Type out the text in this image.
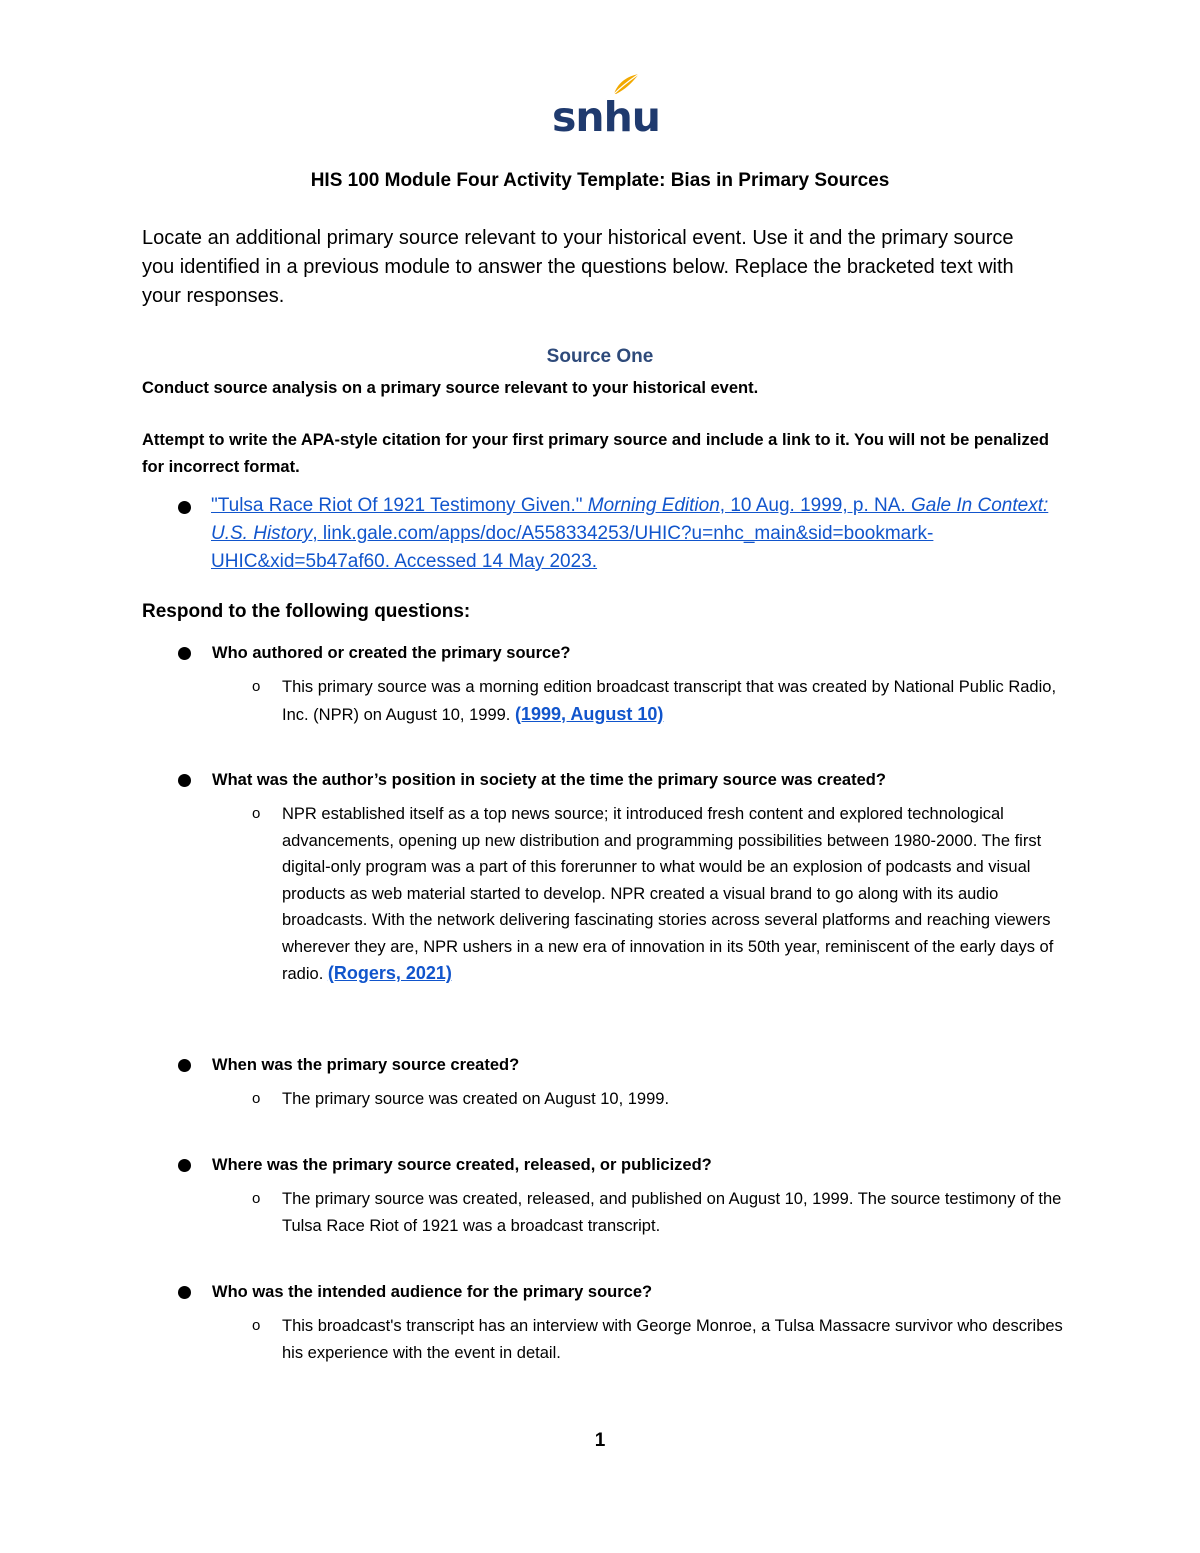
snhu
HIS 100 Module Four Activity Template: Bias in Primary Sources
Locate an additional primary source relevant to your historical event. Use it and the primary source you identified in a previous module to answer the questions below. Replace the bracketed text with your responses.
Source One
Conduct source analysis on a primary source relevant to your historical event.
Attempt to write the APA-style citation for your first primary source and include a link to it. You will not be penalized for incorrect format.
"Tulsa Race Riot Of 1921 Testimony Given." Morning Edition, 10 Aug. 1999, p. NA. Gale In Context: U.S. History, link.gale.com/apps/doc/A558334253/UHIC?u=nhc_main&sid=bookmark-UHIC&xid=5b47af60. Accessed 14 May 2023.
Respond to the following questions:
Who authored or created the primary source?
o This primary source was a morning edition broadcast transcript that was created by National Public Radio, Inc. (NPR) on August 10, 1999. (1999, August 10)
What was the author’s position in society at the time the primary source was created?
o NPR established itself as a top news source; it introduced fresh content and explored technological advancements, opening up new distribution and programming possibilities between 1980-2000. The first digital-only program was a part of this forerunner to what would be an explosion of podcasts and visual products as web material started to develop. NPR created a visual brand to go along with its audio broadcasts. With the network delivering fascinating stories across several platforms and reaching viewers wherever they are, NPR ushers in a new era of innovation in its 50th year, reminiscent of the early days of radio. (Rogers, 2021)
When was the primary source created?
o The primary source was created on August 10, 1999.
Where was the primary source created, released, or publicized?
o The primary source was created, released, and published on August 10, 1999. The source testimony of the Tulsa Race Riot of 1921 was a broadcast transcript.
Who was the intended audience for the primary source?
o This broadcast's transcript has an interview with George Monroe, a Tulsa Massacre survivor who describes his experience with the event in detail.
1
